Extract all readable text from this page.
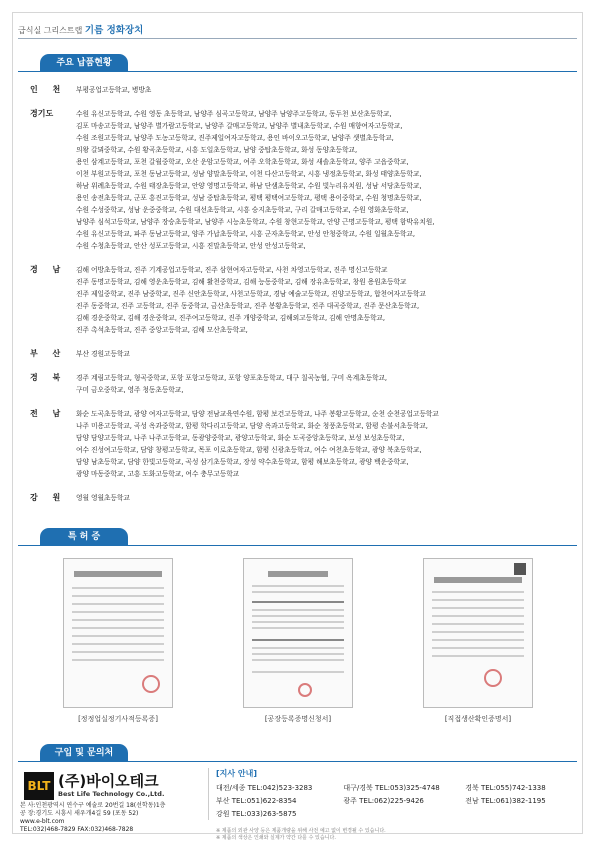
급식실 그리스트랩 기름 정화장치
주요 납품현황
인 천	부평공업고등학교, 병방초
경기도	수원 유신고등학교, 수원 영동 초등학교, 남양주 심곡고등학교, 남양주 남양주고등학교, 동두천 보산초등학교,
김포 마송고등학교, 남양주 별가람고등학교, 남양주 갈매고등학교, 남양주 별내초등학교, 수원 매향여자고등학교,
수원 조원고등학교, 남양주 도농고등학교, 진주제일여자고등학교, 용인 바이오고등학교, 남양주 샛별초등학교,
의왕 갈뫼중학교, 수원 황곡초등학교, 시흥 도일초등학교, 남양 중탑초등학교, 화성 동양초등학교,
용인 삼계고등학교, 포천 갈월중학교, 오산 운암고등학교, 여주 오학초등학교, 화성 새솔초등학교, 양주 고읍중학교,
이천 부원고등학교, 포천 동남고등학교, 성남 양말초등학교, 이천 다산고등학교, 시흥 냉정초등학교, 화성 태양초등학교,
하남 위례초등학교, 수원 태장초등학교, 안양 영명고등학교, 하남 단샘초등학교, 수원 빛누리유치원, 성남 서당초등학교,
용인 송전초등학교, 군포 흥진고등학교, 성남 중탑초등학교, 평택 평택여고등학교, 평택 용이중학교, 수원 청명초등학교,
수원 수성중학교, 성남 운중중학교, 수원 대선초등학교, 시흥 승지초등학교, 구리 갈매고등학교, 수원 영화초등학교,
남양주 심석고등학교, 남양주 장승초등학교, 남양주 시능초등학교, 수원 창현고등학교, 안양 근명고등학교, 평택 함박유치원,
수원 유신고등학교, 파주 동남고등학교, 양주 가납초등학교, 시흥 군자초등학교, 안성 안청중학교, 수원 일월초등학교,
수원 수청초등학교, 안산 성포고등학교, 시흥 진말초등학교, 안성 안성고등학교,
경 남	김해 어방초등학교, 진주 기계공업고등학교, 진주 삼현여자고등학교, 사천 차영고등학교, 진주 명신고등학교
진주 동명고등학교, 김해 영운초등학교, 김해 활천중학교, 김해 능동중학교, 김해 장유초등학교, 창원 용원초등학교
진주 제일중학교, 진주 남중학교, 진주 신안초등학교, 사천고등학교, 경남 예술고등학교, 진양고등학교, 합천여자고등학교
진주 동중학교, 진주 고등학교, 진주 동중학교, 금산초등학교, 진주 봉황초등학교, 진주 대곡중학교, 진주 문산초등학교,
김해 경운중학교, 김해 경운중학교, 진주여고등학교, 진주 개양중학교, 김해외고등학교, 김해 안명초등학교,
진주 촉석초등학교, 진주 중앙고등학교, 김해 모산초등학교,
부 산	부산 경원고등학교
경 북	경주 계림고등학교, 형곡중학교, 포항 포항고등학교, 포항 양포초등학교, 대구 칠곡농협, 구미 옥계초등학교,
구미 금오중학교, 영주 청동초등학교,
전 남	화순 도곡초등학교, 광양 여자고등학교, 담양 전남교육연수원, 함평 보건고등학교, 나주 봉황고등학교, 순천 순천공업고등학교
나주 미용고등학교, 곡성 옥과중학교, 함평 학다리고등학교, 담양 옥과고등학교, 화순 청풍초등학교, 함평 손불서초등학교,
담양 담양고등학교, 나주 나주고등학교, 동광양중학교, 광양고등학교, 화순 도곡중앙초등학교, 보성 보성초등학교,
여수 진성여고등학교, 담양 창평고등학교, 목포 이로초등학교, 함평 신광초등학교, 여수 여천초등학교, 광양 북초등학교,
담양 남초등학교, 담양 한빛고등학교, 곡성 삼기초등학교, 장성 약수초등학교, 함평 해보초등학교, 광양 백운중학교,
광양 마동중학교, 고흥 도화고등학교, 여수 충무고등학교
강 원	영월 영월초등학교
특 허 증
[정정업실정기사적등록증]	[공장등록증명신청서]	[직접생산확인증명서]
구입 및 문의처
BLT (주)바이오테크
Best Life Technology Co.,Ltd.
본 사:인천광역시 연수구 예술로 20번길 18(선학동)1층
공 장:경기도 시흥시 새우개4길 59 (포동 52)
www.e-blt.com
TEL:032)468-7829 FAX:032)468-7828
[지사 안내]
대전/세종 TEL:042)523-3283	대구/경북 TEL:053)325-4748	경북 TEL:055)742-1338
부산 TEL:051)622-8354	광주 TEL:062)225-9426	전남 TEL:061)382-1195
강원 TEL:033)263-5875
※ 제품의 외관 사양 등은 제품개량을 위해 사전 예고 없이 변경될 수 있습니다.
※ 제품의 색상은 인쇄와 실제가 약간 다를 수 있습니다.
